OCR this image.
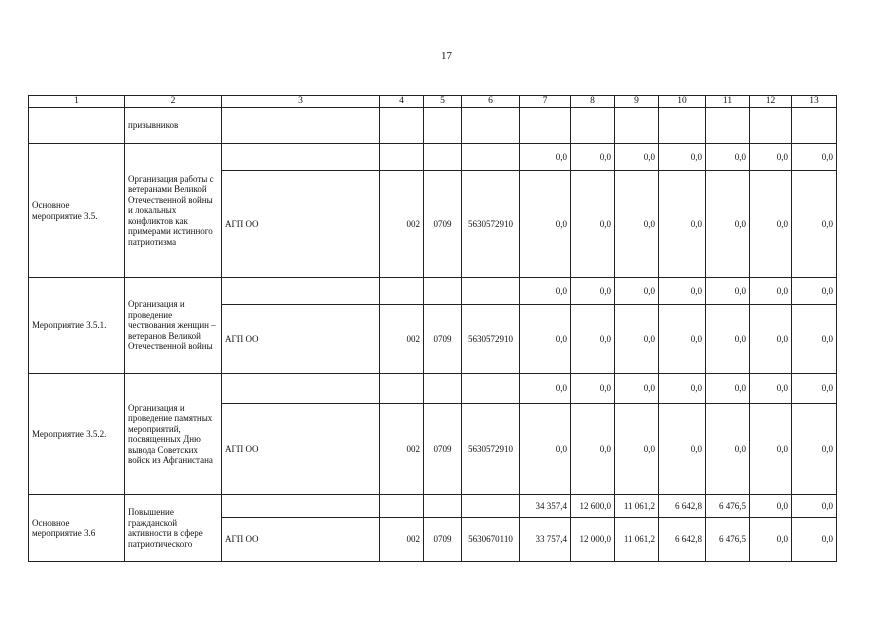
17
1	2	3	4	5	6	7	8	9	10	11	12	13
	призывников											
Основное мероприятие 3.5.	Организация работы с ветеранами Великой Отечественной войны и локальных конфликтов как примерами истинного патриотизма					0,0	0,0	0,0	0,0	0,0	0,0	0,0
		АГП ОО	002	0709	5630572910	0,0	0,0	0,0	0,0	0,0	0,0	0,0
Мероприятие 3.5.1.	Организация и проведение чествования женщин – ветеранов Великой Отечественной войны					0,0	0,0	0,0	0,0	0,0	0,0	0,0
		АГП ОО	002	0709	5630572910	0,0	0,0	0,0	0,0	0,0	0,0	0,0
Мероприятие 3.5.2.	Организация и проведение памятных мероприятий, посвященных Дню вывода Советских войск из Афганистана					0,0	0,0	0,0	0,0	0,0	0,0	0,0
		АГП ОО	002	0709	5630572910	0,0	0,0	0,0	0,0	0,0	0,0	0,0
Основное мероприятие 3.6	Повышение гражданской активности в сфере патриотического					34 357,4	12 600,0	11 061,2	6 642,8	6 476,5	0,0	0,0
		АГП ОО	002	0709	5630670110	33 757,4	12 000,0	11 061,2	6 642,8	6 476,5	0,0	0,0
